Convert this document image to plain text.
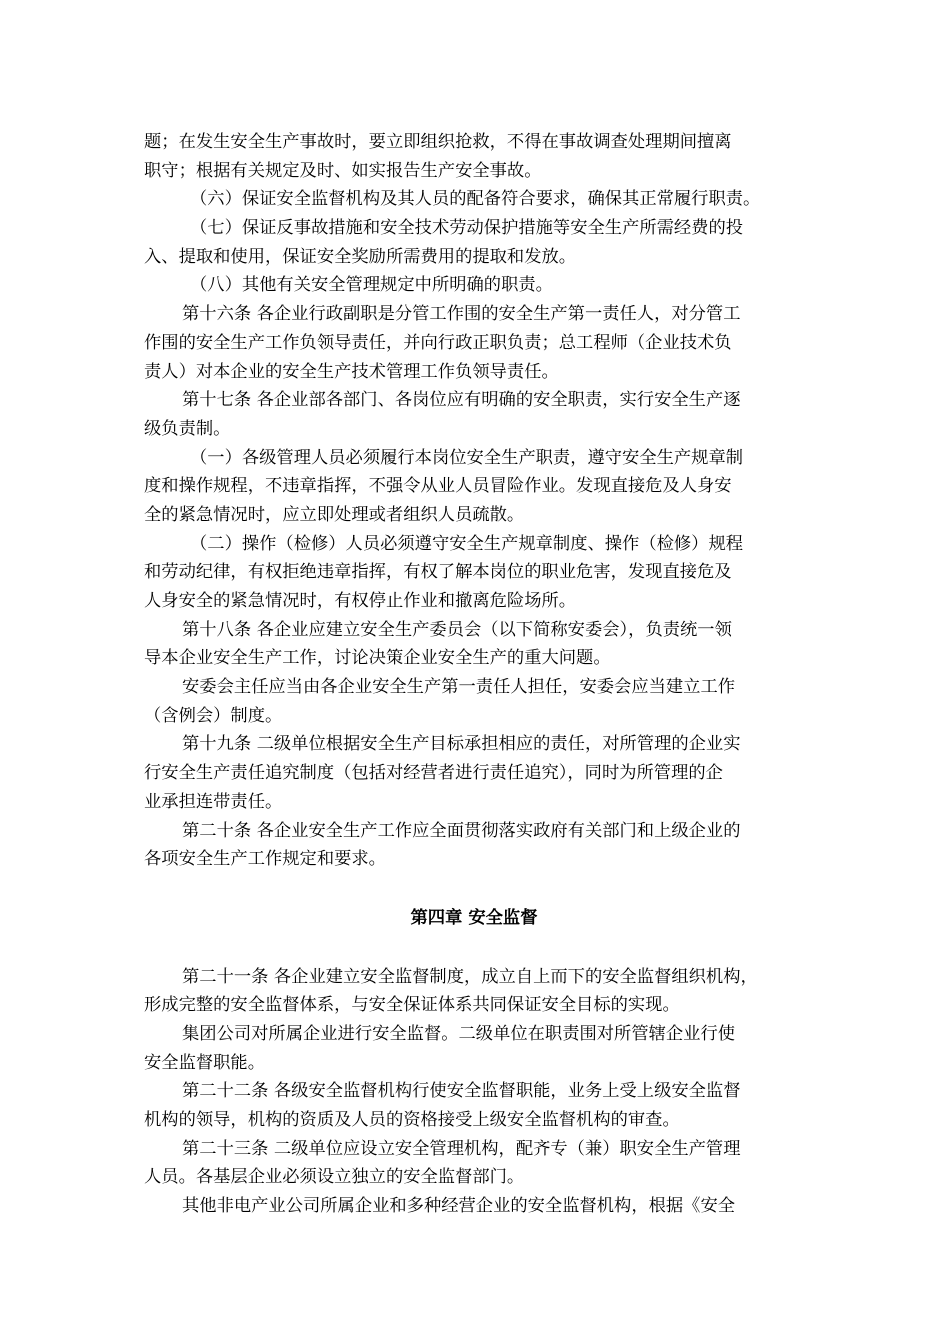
题；在发生安全生产事故时，要立即组织抢救，不得在事故调查处理期间擅离
职守；根据有关规定及时、如实报告生产安全事故。
（六）保证安全监督机构及其人员的配备符合要求，确保其正常履行职责。
（七）保证反事故措施和安全技术劳动保护措施等安全生产所需经费的投
入、提取和使用，保证安全奖励所需费用的提取和发放。
（八）其他有关安全管理规定中所明确的职责。
第十六条 各企业行政副职是分管工作围的安全生产第一责任人，对分管工
作围的安全生产工作负领导责任，并向行政正职负责；总工程师（企业技术负
责人）对本企业的安全生产技术管理工作负领导责任。
第十七条 各企业部各部门、各岗位应有明确的安全职责，实行安全生产逐
级负责制。
（一）各级管理人员必须履行本岗位安全生产职责，遵守安全生产规章制
度和操作规程，不违章指挥，不强令从业人员冒险作业。发现直接危及人身安
全的紧急情况时，应立即处理或者组织人员疏散。
（二）操作（检修）人员必须遵守安全生产规章制度、操作（检修）规程
和劳动纪律，有权拒绝违章指挥，有权了解本岗位的职业危害，发现直接危及
人身安全的紧急情况时，有权停止作业和撤离危险场所。
第十八条 各企业应建立安全生产委员会（以下简称安委会），负责统一领
导本企业安全生产工作，讨论决策企业安全生产的重大问题。
安委会主任应当由各企业安全生产第一责任人担任，安委会应当建立工作
（含例会）制度。
第十九条 二级单位根据安全生产目标承担相应的责任，对所管理的企业实
行安全生产责任追究制度（包括对经营者进行责任追究），同时为所管理的企
业承担连带责任。
第二十条 各企业安全生产工作应全面贯彻落实政府有关部门和上级企业的
各项安全生产工作规定和要求。
第四章 安全监督
第二十一条 各企业建立安全监督制度，成立自上而下的安全监督组织机构，
形成完整的安全监督体系，与安全保证体系共同保证安全目标的实现。
集团公司对所属企业进行安全监督。二级单位在职责围对所管辖企业行使
安全监督职能。
第二十二条 各级安全监督机构行使安全监督职能，业务上受上级安全监督
机构的领导，机构的资质及人员的资格接受上级安全监督机构的审查。
第二十三条 二级单位应设立安全管理机构，配齐专（兼）职安全生产管理
人员。各基层企业必须设立独立的安全监督部门。
其他非电产业公司所属企业和多种经营企业的安全监督机构，根据《安全
